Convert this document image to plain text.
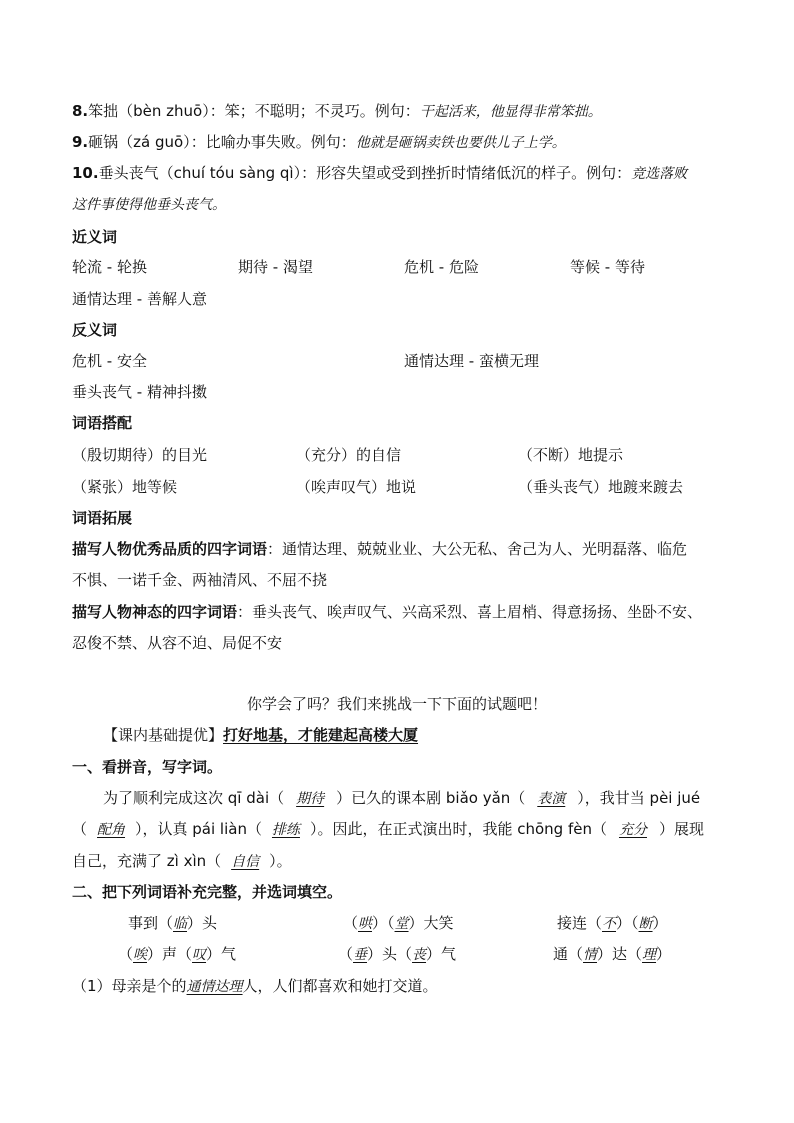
8.笨拙（bèn zhuō）：笨；不聪明；不灵巧。例句：干起活来，他显得非常笨拙。
9.砸锅（zá guō）：比喻办事失败。例句：他就是砸锅卖铁也要供儿子上学。
10.垂头丧气（chuí tóu sàng qì）：形容失望或受到挫折时情绪低沉的样子。例句：竞选落败
这件事使得他垂头丧气。
近义词
轮流 - 轮换	期待 - 渴望	危机 - 危险	等候 - 等待
通情达理 - 善解人意
反义词
危机 - 安全	通情达理 - 蛮横无理
垂头丧气 - 精神抖擞
词语搭配
（殷切期待）的目光	（充分）的自信	（不断）地提示
（紧张）地等候	（唉声叹气）地说	（垂头丧气）地踱来踱去
词语拓展
描写人物优秀品质的四字词语：通情达理、兢兢业业、大公无私、舍己为人、光明磊落、临危
不惧、一诺千金、两袖清风、不屈不挠
描写人物神态的四字词语：垂头丧气、唉声叹气、兴高采烈、喜上眉梢、得意扬扬、坐卧不安、
忍俊不禁、从容不迫、局促不安
你学会了吗？我们来挑战一下下面的试题吧！
【课内基础提优】打好地基，才能建起高楼大厦
一、看拼音，写字词。
为了顺利完成这次 qī dài（ 期待 ）已久的课本剧 biǎo yǎn（ 表演 ），我甘当 pèi jué
（ 配角 ），认真 pái liàn（ 排练 ）。因此，在正式演出时，我能 chōng fèn（ 充分 ）展现
自己，充满了 zì xìn（ 自信 ）。
二、把下列词语补充完整，并选词填空。
事到（临）头	（哄）（堂）大笑	接连（不）（断）
（唉）声（叹）气	（垂）头（丧）气	通（情）达（理）
（1）母亲是个的通情达理人，人们都喜欢和她打交道。
